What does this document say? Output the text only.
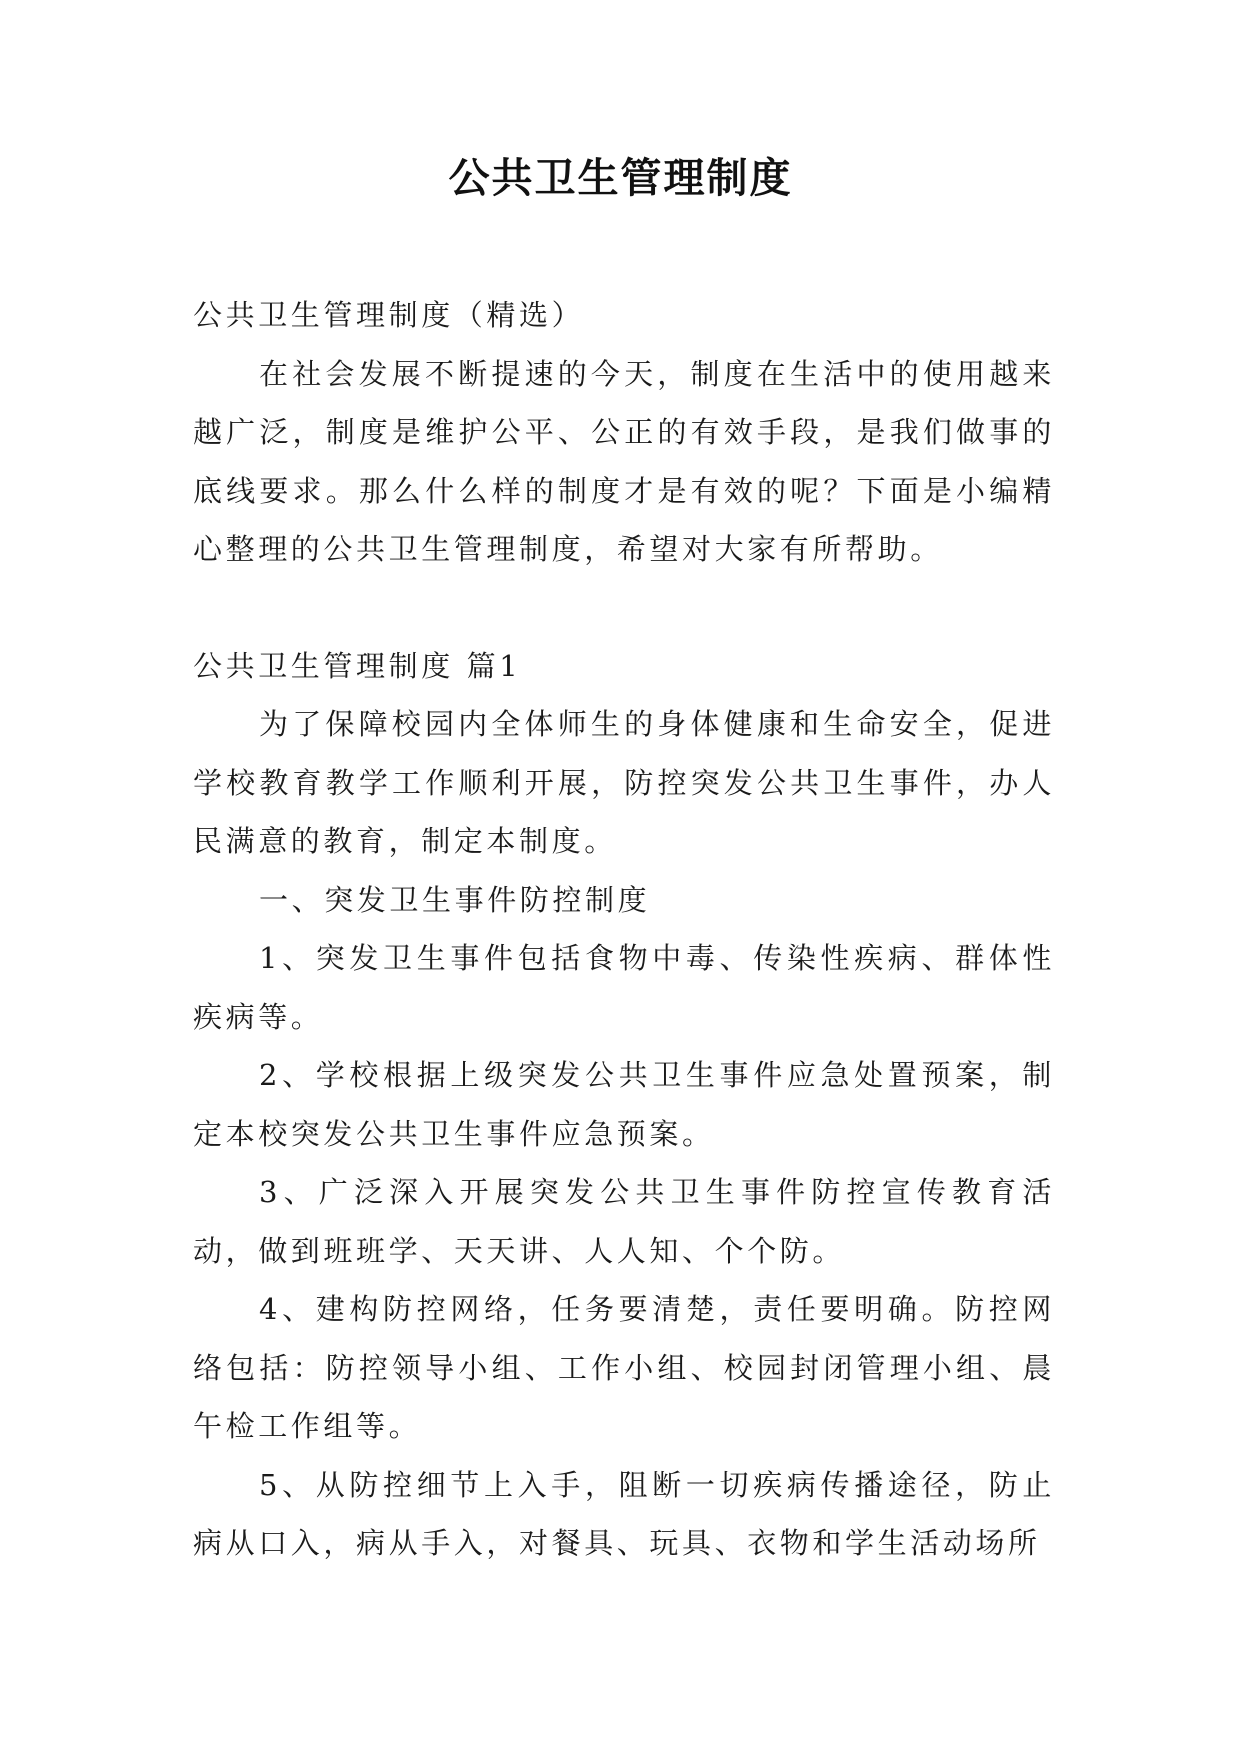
公共卫生管理制度

公共卫生管理制度（精选）

在社会发展不断提速的今天，制度在生活中的使用越来越广泛，制度是维护公平、公正的有效手段，是我们做事的底线要求。那么什么样的制度才是有效的呢？下面是小编精心整理的公共卫生管理制度，希望对大家有所帮助。

公共卫生管理制度 篇1

为了保障校园内全体师生的身体健康和生命安全，促进学校教育教学工作顺利开展，防控突发公共卫生事件，办人民满意的教育，制定本制度。

一、突发卫生事件防控制度

1、突发卫生事件包括食物中毒、传染性疾病、群体性疾病等。

2、学校根据上级突发公共卫生事件应急处置预案，制定本校突发公共卫生事件应急预案。

3、广泛深入开展突发公共卫生事件防控宣传教育活动，做到班班学、天天讲、人人知、个个防。

4、建构防控网络，任务要清楚，责任要明确。防控网络包括：防控领导小组、工作小组、校园封闭管理小组、晨午检工作组等。

5、从防控细节上入手，阻断一切疾病传播途径，防止病从口入，病从手入，对餐具、玩具、衣物和学生活动场所
